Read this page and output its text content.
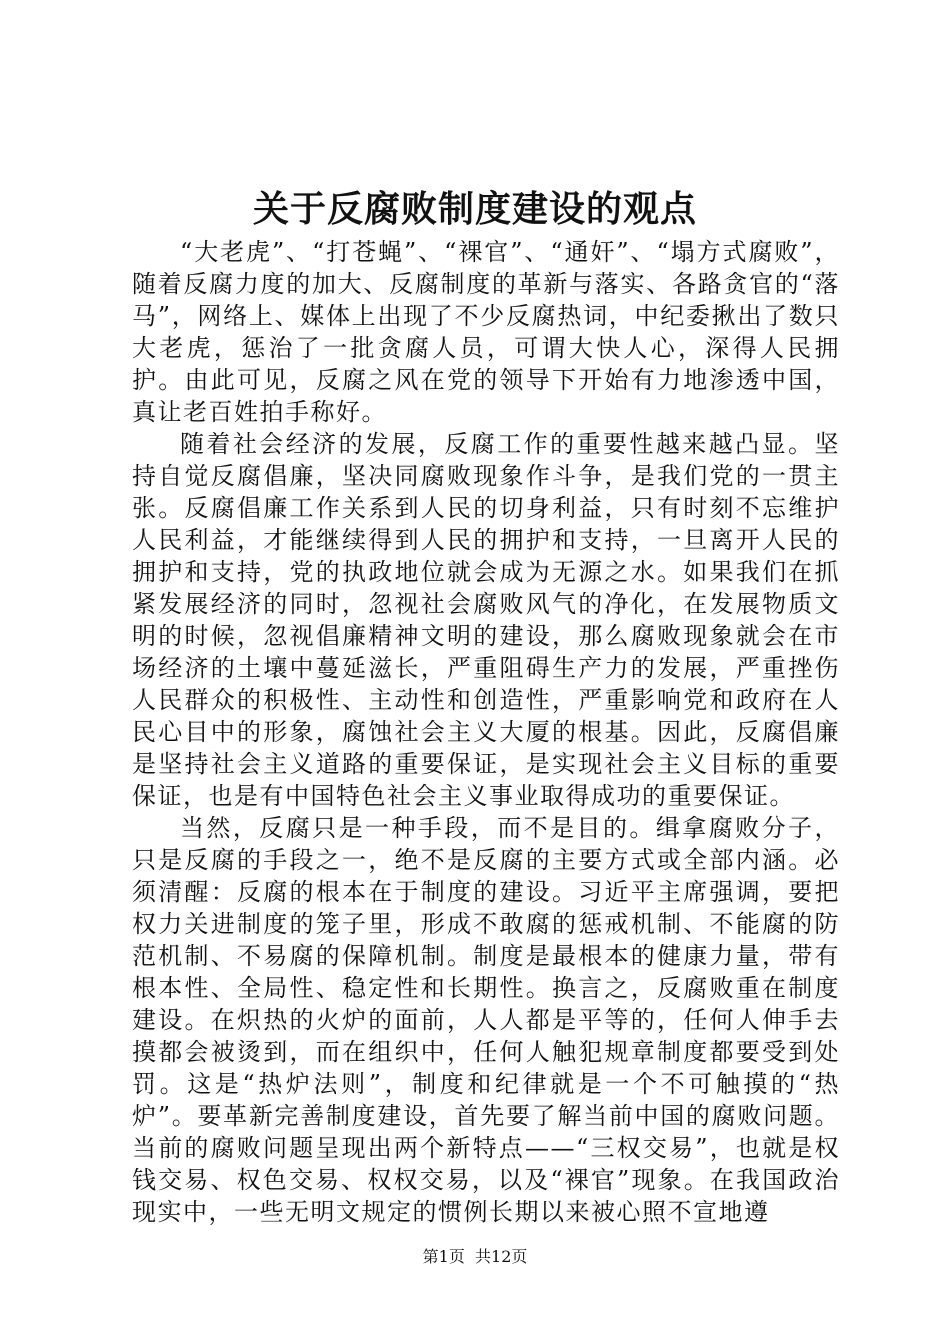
关于反腐败制度建设的观点

“大老虎”、“打苍蝇”、“裸官”、“通奸”、“塌方式腐败”，随着反腐力度的加大、反腐制度的革新与落实、各路贪官的“落马”，网络上、媒体上出现了不少反腐热词，中纪委揪出了数只大老虎，惩治了一批贪腐人员，可谓大快人心，深得人民拥护。由此可见，反腐之风在党的领导下开始有力地渗透中国，真让老百姓拍手称好。

随着社会经济的发展，反腐工作的重要性越来越凸显。坚持自觉反腐倡廉，坚决同腐败现象作斗争，是我们党的一贯主张。反腐倡廉工作关系到人民的切身利益，只有时刻不忘维护人民利益，才能继续得到人民的拥护和支持，一旦离开人民的拥护和支持，党的执政地位就会成为无源之水。如果我们在抓紧发展经济的同时，忽视社会腐败风气的净化，在发展物质文明的时候，忽视倡廉精神文明的建设，那么腐败现象就会在市场经济的土壤中蔓延滋长，严重阻碍生产力的发展，严重挫伤人民群众的积极性、主动性和创造性，严重影响党和政府在人民心目中的形象，腐蚀社会主义大厦的根基。因此，反腐倡廉是坚持社会主义道路的重要保证，是实现社会主义目标的重要保证，也是有中国特色社会主义事业取得成功的重要保证。

当然，反腐只是一种手段，而不是目的。缉拿腐败分子，只是反腐的手段之一，绝不是反腐的主要方式或全部内涵。必须清醒：反腐的根本在于制度的建设。习近平主席强调，要把权力关进制度的笼子里，形成不敢腐的惩戒机制、不能腐的防范机制、不易腐的保障机制。制度是最根本的健康力量，带有根本性、全局性、稳定性和长期性。换言之，反腐败重在制度建设。在炽热的火炉的面前，人人都是平等的，任何人伸手去摸都会被烫到，而在组织中，任何人触犯规章制度都要受到处罚。这是“热炉法则”，制度和纪律就是一个不可触摸的“热炉”。要革新完善制度建设，首先要了解当前中国的腐败问题。当前的腐败问题呈现出两个新特点——“三权交易”，也就是权钱交易、权色交易、权权交易，以及“裸官”现象。在我国政治现实中，一些无明文规定的惯例长期以来被心照不宣地遵

第1页 共12页
